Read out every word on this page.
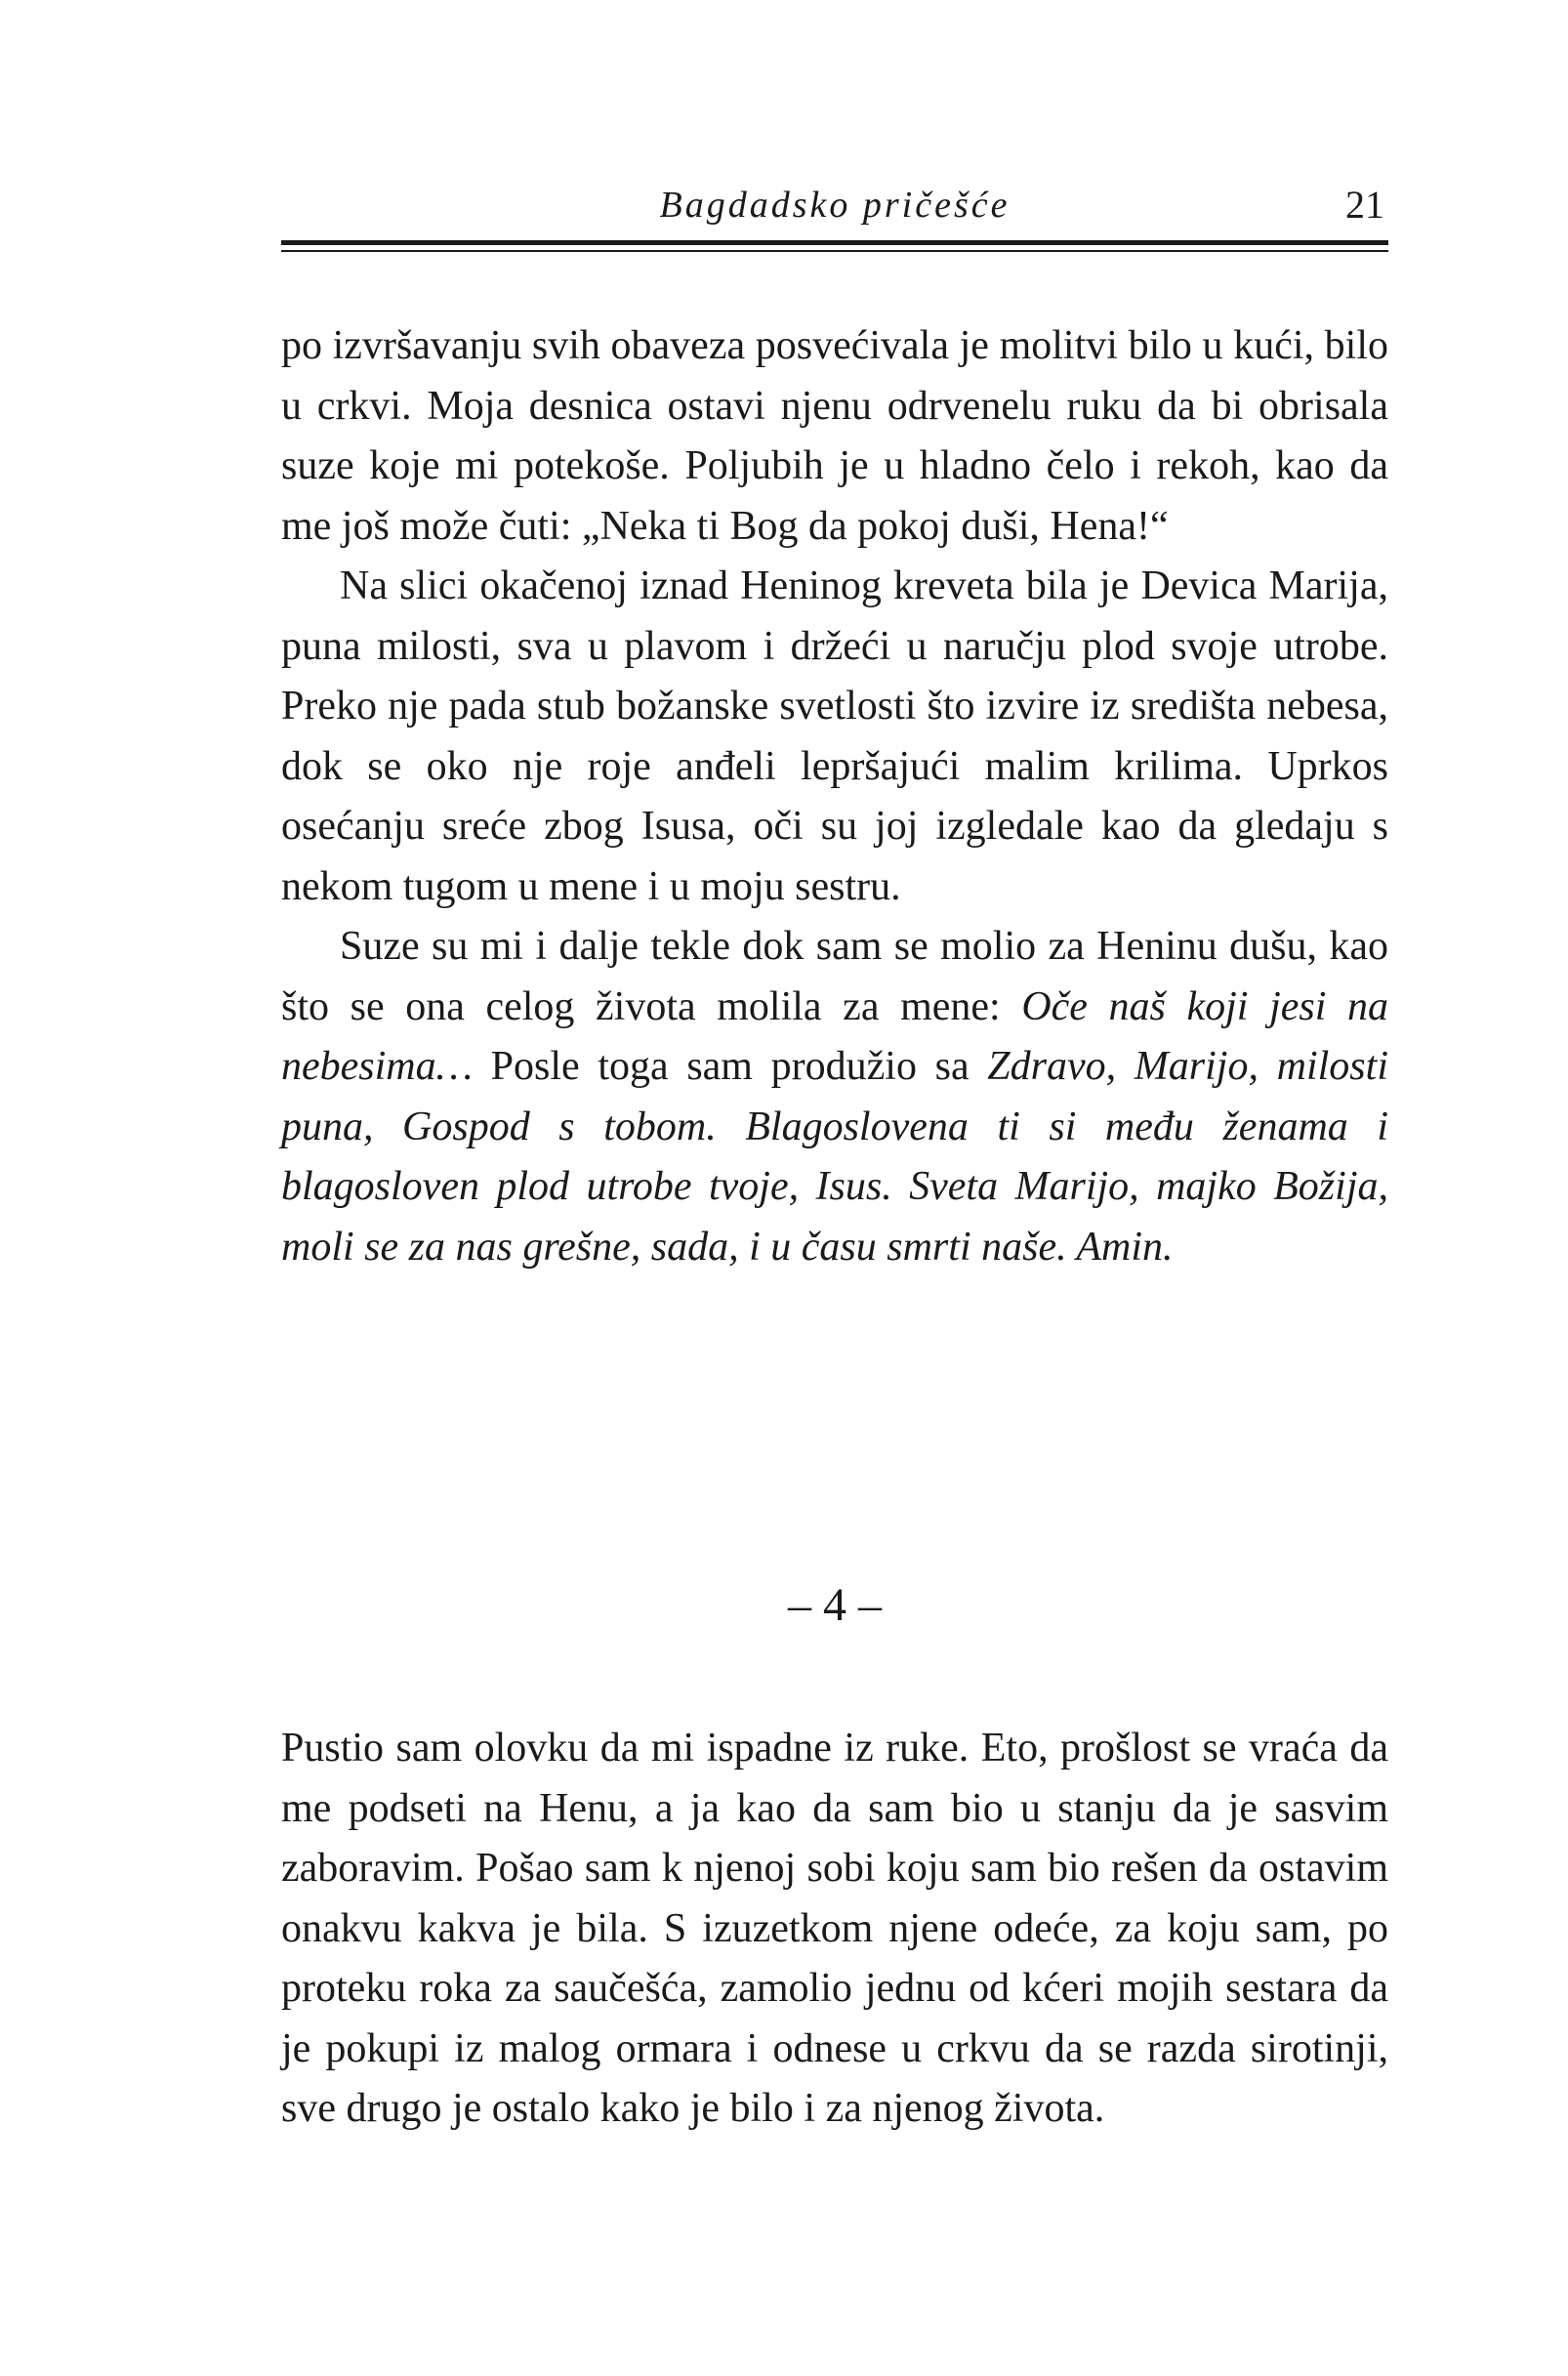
Bagdadsko pričešće	21

po izvršavanju svih obaveza posvećivala je molitvi bilo u kući, bilo u crkvi. Moja desnica ostavi njenu odrvenelu ruku da bi obrisala suze koje mi potekoše. Poljubih je u hladno čelo i rekoh, kao da me još može čuti: „Neka ti Bog da pokoj duši, Hena!“

Na slici okačenoj iznad Heninog kreveta bila je Devica Marija, puna milosti, sva u plavom i držeći u naručju plod svoje utrobe. Preko nje pada stub božanske svetlosti što izvire iz središta nebesa, dok se oko nje roje anđeli lepršajući malim krilima. Uprkos osećanju sreće zbog Isusa, oči su joj izgledale kao da gledaju s nekom tugom u mene i u moju sestru.

Suze su mi i dalje tekle dok sam se molio za Heninu dušu, kao što se ona celog života molila za mene: Oče naš koji jesi na nebesima… Posle toga sam produžio sa Zdravo, Marijo, milosti puna, Gospod s tobom. Blagoslovena ti si među ženama i blagosloven plod utrobe tvoje, Isus. Sveta Marijo, majko Božija, moli se za nas grešne, sada, i u času smrti naše. Amin.

– 4 –

Pustio sam olovku da mi ispadne iz ruke. Eto, prošlost se vraća da me podseti na Henu, a ja kao da sam bio u stanju da je sasvim zaboravim. Pošao sam k njenoj sobi koju sam bio rešen da ostavim onakvu kakva je bila. S izuzetkom njene odeće, za koju sam, po proteku roka za saučešća, zamolio jednu od kćeri mojih sestara da je pokupi iz malog ormara i odnese u crkvu da se razda sirotinji, sve drugo je ostalo kako je bilo i za njenog života.
